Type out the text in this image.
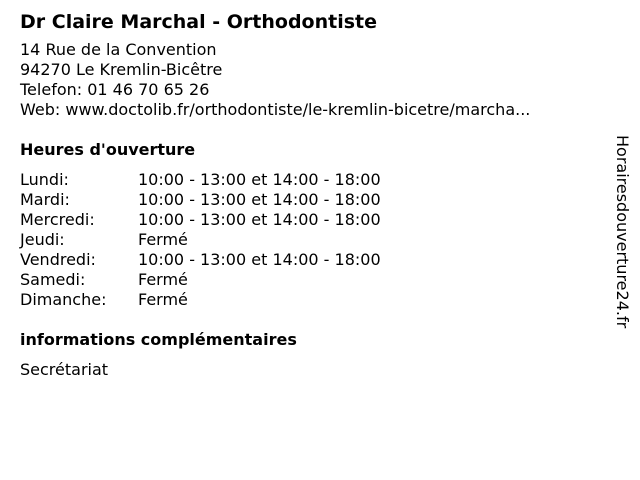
Dr Claire Marchal - Orthodontiste
14 Rue de la Convention
94270 Le Kremlin-Bicêtre
Telefon: 01 46 70 65 26
Web: www.doctolib.fr/orthodontiste/le-kremlin-bicetre/marcha...
Heures d'ouverture
Lundi:	10:00 - 13:00 et 14:00 - 18:00
Mardi:	10:00 - 13:00 et 14:00 - 18:00
Mercredi:	10:00 - 13:00 et 14:00 - 18:00
Jeudi:	Fermé
Vendredi:	10:00 - 13:00 et 14:00 - 18:00
Samedi:	Fermé
Dimanche:	Fermé
informations complémentaires
Secrétariat
Horairesdouverture24.fr
